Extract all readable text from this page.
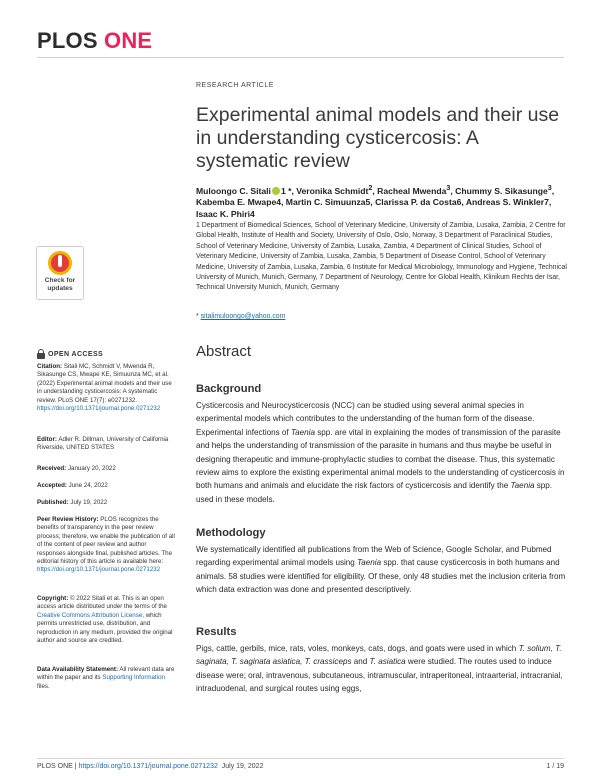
PLOS ONE
RESEARCH ARTICLE
Experimental animal models and their use in understanding cysticercosis: A systematic review
Muloongo C. Sitali 1 *, Veronika Schmidt$^2$, Racheal Mwenda$^3$, Chummy S. Sikasunge$^3$, Kabemba E. Mwape4, Martin C. Simuunza5, Clarissa P. da Costa6, Andreas S. Winkler7, Isaac K. Phiri4
1 Department of Biomedical Sciences, School of Veterinary Medicine, University of Zambia, Lusaka, Zambia, 2 Centre for Global Health, Institute of Health and Society, University of Oslo, Oslo, Norway, 3 Department of Paraclinical Studies, School of Veterinary Medicine, University of Zambia, Lusaka, Zambia, 4 Department of Clinical Studies, School of Veterinary Medicine, University of Zambia, Lusaka, Zambia, 5 Department of Disease Control, School of Veterinary Medicine, University of Zambia, Lusaka, Zambia, 6 Institute for Medical Microbiology, Immunology and Hygiene, Technical University of Munich, Munich, Germany, 7 Department of Neurology, Centre for Global Health, Klinikum Rechts der Isar, Technical University Munich, Munich, Germany
* sitalimuloongo@yahoo.com
Check for
updates
OPEN ACCESS
Citation: Sitali MC, Schmidt V, Mwenda R, Sikasunge CS, Mwape KE, Simuunza MC, et al. (2022) Experimental animal models and their use in understanding cysticercosis: A systematic review. PLoS ONE 17(7): e0271232. https://doi.org/10.1371/journal.pone.0271232
Editor: Adler R. Dillman, University of California Riverside, UNITED STATES
Received: January 20, 2022
Accepted: June 24, 2022
Published: July 19, 2022
Peer Review History: PLOS recognizes the benefits of transparency in the peer review process; therefore, we enable the publication of all of the content of peer review and author responses alongside final, published articles. The editorial history of this article is available here: https://doi.org/10.1371/journal.pone.0271232
Copyright: © 2022 Sitali et al. This is an open access article distributed under the terms of the Creative Commons Attribution License, which permits unrestricted use, distribution, and reproduction in any medium, provided the original author and source are credited.
Data Availability Statement: All relevant data are within the paper and its Supporting Information files.
Abstract
Background
Cysticercosis and Neurocysticercosis (NCC) can be studied using several animal species in experimental models which contributes to the understanding of the human form of the disease. Experimental infections of Taenia spp. are vital in explaining the modes of transmission of the parasite and helps the understanding of transmission of the parasite in humans and thus maybe be useful in designing therapeutic and immune-prophylactic studies to combat the disease. Thus, this systematic review aims to explore the existing experimental animal models to the understanding of cysticercosis in both humans and animals and elucidate the risk factors of cysticercosis and identify the Taenia spp. used in these models.
Methodology
We systematically identified all publications from the Web of Science, Google Scholar, and Pubmed regarding experimental animal models using Taenia spp. that cause cysticercosis in both humans and animals. 58 studies were identified for eligibility. Of these, only 48 studies met the inclusion criteria from which data extraction was done and presented descriptively.
Results
Pigs, cattle, gerbils, mice, rats, voles, monkeys, cats, dogs, and goats were used in which T. solium, T. saginata, T. saginata asiatica, T. crassiceps and T. asiatica were studied. The routes used to induce disease were; oral, intravenous, subcutaneous, intramuscular, intraperitoneal, intraarterial, intracranial, intraduodenal, and surgical routes using eggs,
PLOS ONE | https://doi.org/10.1371/journal.pone.0271232 July 19, 2022	1 / 19
